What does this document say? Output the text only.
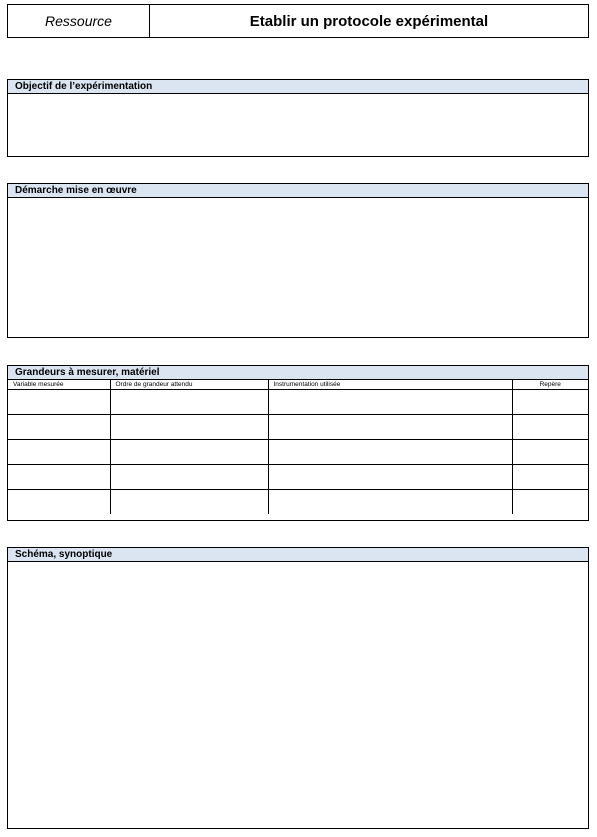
Ressource	Etablir un protocole expérimental
Objectif de l’expérimentation
Démarche mise en œuvre
Grandeurs à mesurer, matériel
Variable mesurée	Ordre de grandeur attendu	Instrumentation utilisée	Repère

Schéma, synoptique
